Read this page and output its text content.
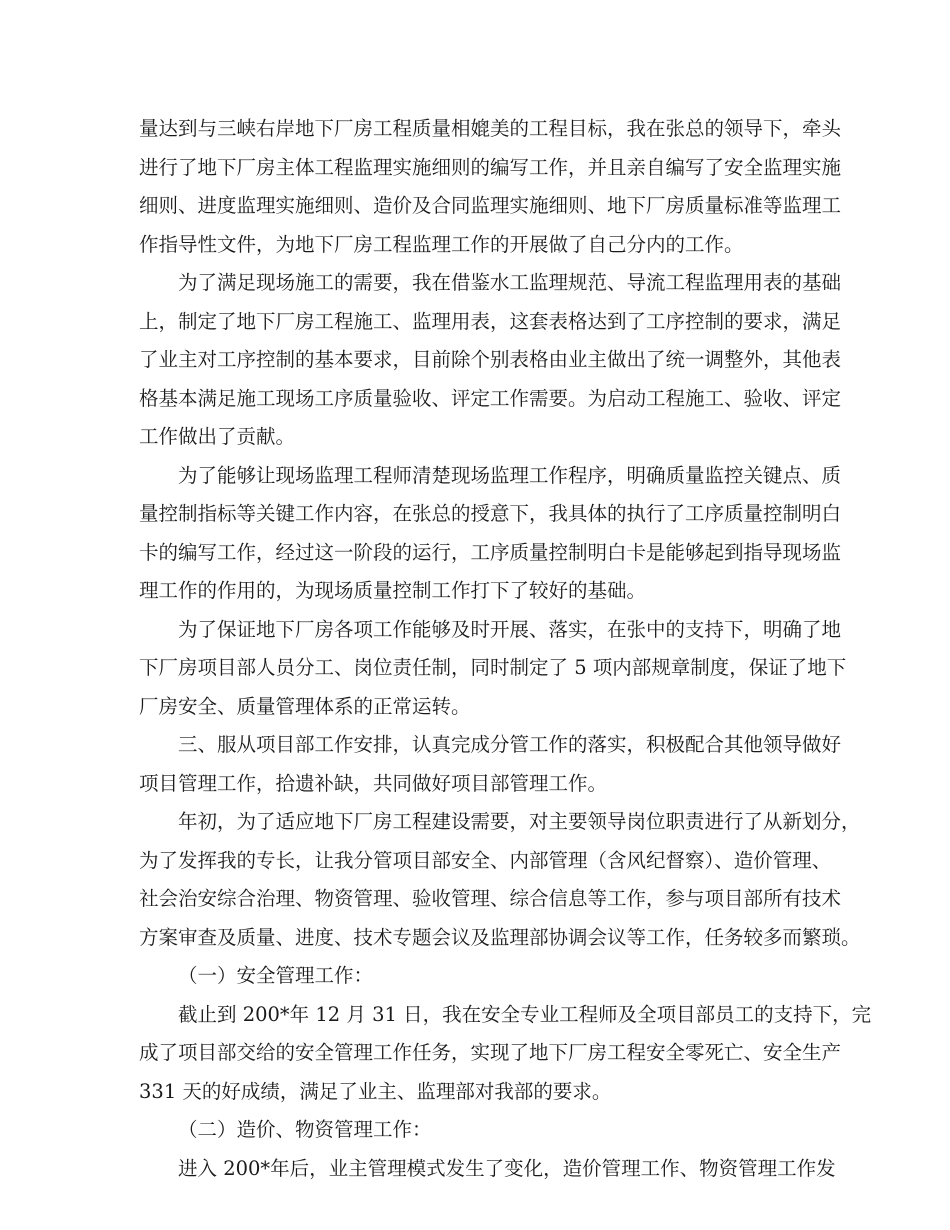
量达到与三峡右岸地下厂房工程质量相媲美的工程目标，我在张总的领导下，牵头
进行了地下厂房主体工程监理实施细则的编写工作，并且亲自编写了安全监理实施
细则、进度监理实施细则、造价及合同监理实施细则、地下厂房质量标准等监理工
作指导性文件，为地下厂房工程监理工作的开展做了自己分内的工作。
为了满足现场施工的需要，我在借鉴水工监理规范、导流工程监理用表的基础
上，制定了地下厂房工程施工、监理用表，这套表格达到了工序控制的要求，满足
了业主对工序控制的基本要求，目前除个别表格由业主做出了统一调整外，其他表
格基本满足施工现场工序质量验收、评定工作需要。为启动工程施工、验收、评定
工作做出了贡献。
为了能够让现场监理工程师清楚现场监理工作程序，明确质量监控关键点、质
量控制指标等关键工作内容，在张总的授意下，我具体的执行了工序质量控制明白
卡的编写工作，经过这一阶段的运行，工序质量控制明白卡是能够起到指导现场监
理工作的作用的，为现场质量控制工作打下了较好的基础。
为了保证地下厂房各项工作能够及时开展、落实，在张中的支持下，明确了地
下厂房项目部人员分工、岗位责任制，同时制定了 5 项内部规章制度，保证了地下
厂房安全、质量管理体系的正常运转。
三、服从项目部工作安排，认真完成分管工作的落实，积极配合其他领导做好
项目管理工作，拾遗补缺，共同做好项目部管理工作。
年初，为了适应地下厂房工程建设需要，对主要领导岗位职责进行了从新划分，
为了发挥我的专长，让我分管项目部安全、内部管理（含风纪督察）、造价管理、
社会治安综合治理、物资管理、验收管理、综合信息等工作，参与项目部所有技术
方案审查及质量、进度、技术专题会议及监理部协调会议等工作，任务较多而繁琐。
（一）安全管理工作：
截止到 200*年 12 月 31 日，我在安全专业工程师及全项目部员工的支持下，完
成了项目部交给的安全管理工作任务，实现了地下厂房工程安全零死亡、安全生产
331 天的好成绩，满足了业主、监理部对我部的要求。
（二）造价、物资管理工作：
进入 200*年后，业主管理模式发生了变化，造价管理工作、物资管理工作发
